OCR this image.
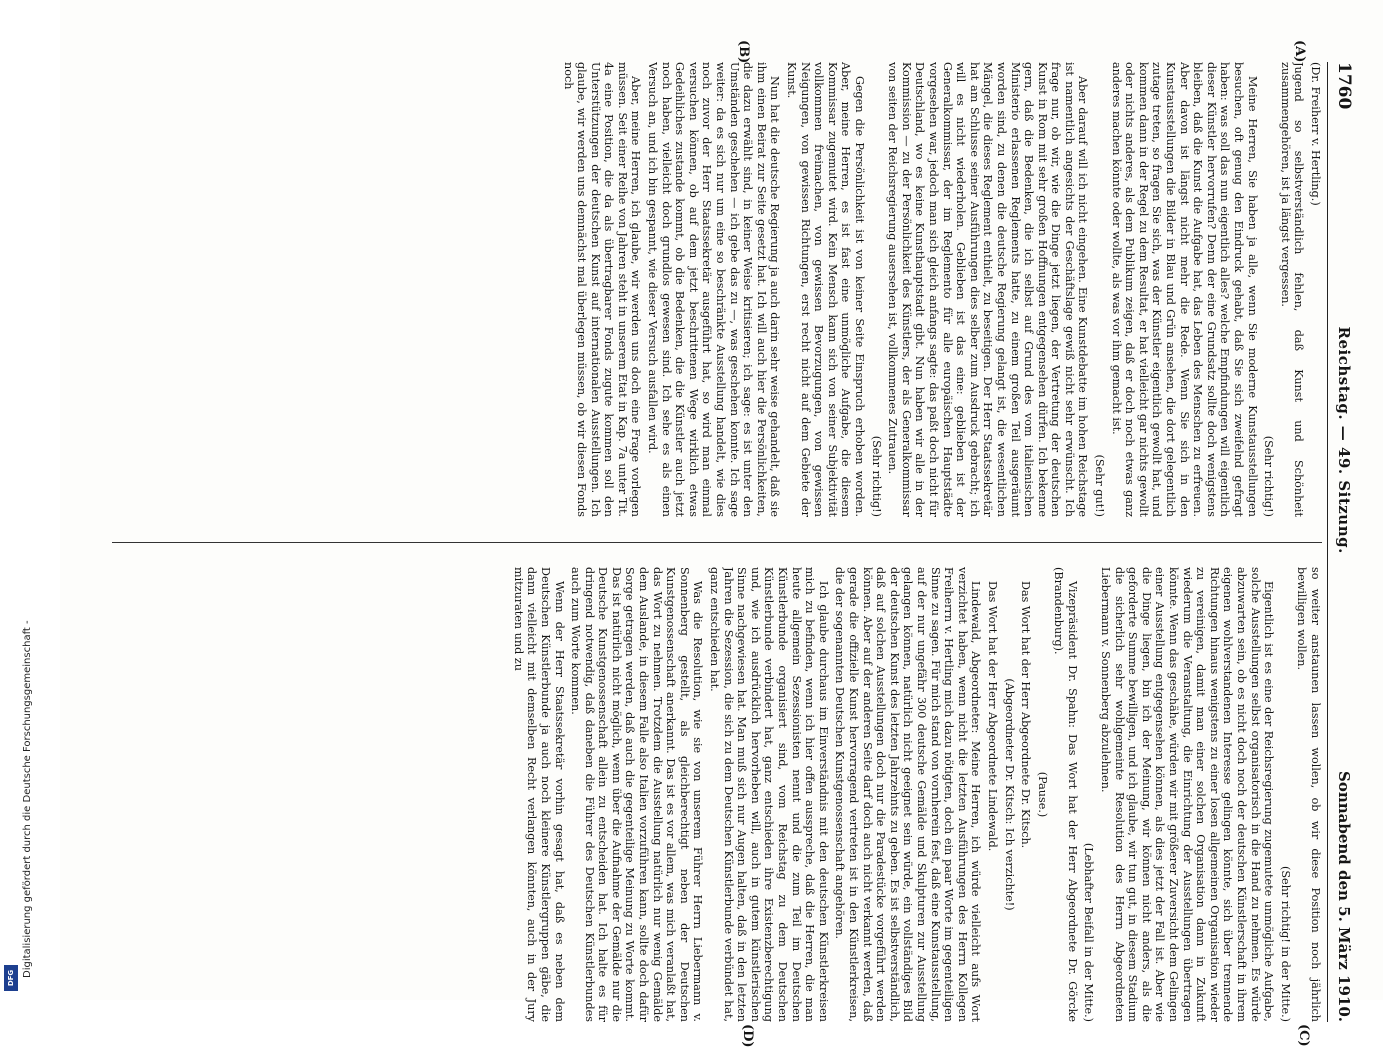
DFG Digitalisierung gefördert durch die Deutsche Forschungsgemeinschaft -
1760
Reichstag. — 49. Sitzung.
Sonnabend den 5. März 1910.
(A)
(B)
(C)
(D)

(Dr. Freiherr v. Hertling.)

Jugend so selbstverständlich fehlen, daß Kunst und Schönheit zusammengehören, ist ja längst vergessen.

(Sehr richtig!)

Meine Herren, Sie haben ja alle, wenn Sie moderne Kunstausstellungen besuchen, oft genug den Eindruck gehabt, daß Sie sich zweifelnd gefragt haben: was soll das nun eigentlich alles? welche Empfindungen will eigentlich dieser Künstler hervorrufen? Denn der eine Grundsatz sollte doch wenigstens bleiben, daß die Kunst die Aufgabe hat, das Leben des Menschen zu erfreuen. Aber davon ist längst nicht mehr die Rede. Wenn Sie sich in den Kunstausstellungen die Bilder in Blau und Grün ansehen, die dort gelegentlich zutage treten, so fragen Sie sich, was der Künstler eigentlich gewollt hat, und kommen dann in der Regel zu dem Resultat, er hat vielleicht gar nichts gewollt oder nichts anderes, als dem Publikum zeigen, daß er doch noch etwas ganz anderes machen könnte oder wollte, als was vor ihm gemacht ist.

(Sehr gut!)

Aber darauf will ich nicht eingehen. Eine Kunstdebatte im hohen Reichstage ist namentlich angesichts der Geschäftslage gewiß nicht sehr erwünscht. Ich frage nur, ob wir, wie die Dinge jetzt liegen, der Vertretung der deutschen Kunst in Rom mit sehr großen Hoffnungen entgegensehen dürfen. Ich bekenne gern, daß die Bedenken, die ich selbst auf Grund des vom italienischen Ministerio erlassenen Reglements hatte, zu einem großen Teil ausgeräumt worden sind, zu denen die deutsche Regierung gelangt ist, die wesentlichen Mängel, die dieses Reglement enthielt, zu beseitigen. Der Herr Staatssekretär hat am Schlusse seiner Ausführungen dies selber zum Ausdruck gebracht; ich will es nicht wiederholen. Geblieben ist das eine: geblieben ist der Generalkommissar, der im Reglemento für alle europäischen Hauptstädte vorgesehen war, jedoch man sich gleich anfangs sagte: das paßt doch nicht für Deutschland, wo es keine Kunsthauptstadt gibt. Nun haben wir alle in der Kommission — zu der Persönlichkeit des Künstlers, der als Generalkommissar von seiten der Reichsregierung ausersehen ist, vollkommenes Zutrauen.

(Sehr richtig!)

Gegen die Persönlichkeit ist von keiner Seite Einspruch erhoben worden. Aber, meine Herren, es ist fast eine unmögliche Aufgabe, die diesem Kommissar zugemutet wird. Kein Mensch kann sich von seiner Subjektivität vollkommen freimachen, von gewissen Bevorzugungen, von gewissen Neigungen, von gewissen Richtungen, erst recht nicht auf dem Gebiete der Kunst.

Nun hat die deutsche Regierung ja auch darin sehr weise gehandelt, daß sie ihm einen Beirat zur Seite gesetzt hat. Ich will auch hier die Persönlichkeiten, die dazu erwählt sind, in keiner Weise kritisieren; ich sage: es ist unter den Umständen geschehen — ich gebe das zu —, was geschehen konnte. Ich sage weiter: da es sich nur um eine so beschränkte Ausstellung handelt, wie dies noch zuvor der Herr Staatssekretär ausgeführt hat, so wird man einmal versuchen können, ob auf dem jetzt beschrittenen Wege wirklich etwas Gedeihliches zustande kommt, ob die Bedenken, die die Künstler auch jetzt noch haben, vielleicht doch grundlos gewesen sind. Ich sehe es als einen Versuch an, und ich bin gespannt, wie dieser Versuch ausfallen wird.

Aber, meine Herren, ich glaube, wir werden uns doch eine Frage vorlegen müssen. Seit einer Reihe von Jahren steht in unserem Etat in Kap. 7a unter Tit. 4a eine Position, die da als übertragbarer Fonds zugute kommen soll den Unterstützungen der deutschen Kunst auf internationalen Ausstellungen. Ich glaube, wir werden uns demnächst mal überlegen müssen, ob wir diesen Fonds noch

so weiter anstaunen lassen wollen, ob wir diese Position noch jährlich bewilligen wollen.

(Sehr richtig! in der Mitte.)

Eigentlich ist es eine der Reichsregierung zugemutete unmögliche Aufgabe, solche Ausstellungen selbst organisatorisch in die Hand zu nehmen. Es würde abzuwarten sein, ob es nicht doch noch der deutschen Künstlerschaft in ihrem eigenen wohlverstandenen Interesse gelingen könnte, sich über trennende Richtungen hinaus wenigstens zu einer losen allgemeinen Organisation wieder zu vereinigen, damit man einer solchen Organisation dann in Zukunft wiederum die Veranstaltung, die Einrichtung der Ausstellungen übertragen könnte. Wenn das geschähe, würden wir mit größerer Zuversicht dem Gelingen einer Ausstellung entgegensehen können, als dies jetzt der Fall ist. Aber wie die Dinge liegen, bin ich der Meinung, wir können nicht anders, als die geforderte Summe bewilligen, und ich glaube, wir tun gut, in diesem Stadium die sicherlich sehr wohlgemeinte Resolution des Herrn Abgeordneten Liebermann v. Sonnenberg abzulehnen.

(Lebhafter Beifall in der Mitte.)

Vizepräsident Dr. Spahn: Das Wort hat der Herr Abgeordnete Dr. Görcke (Brandenburg).

(Pause.)

Das Wort hat der Herr Abgeordnete Dr. Kitsch.

(Abgeordneter Dr. Kitsch: Ich verzichte!)

Das Wort hat der Herr Abgeordnete Lindewald.

Lindewald, Abgeordneter: Meine Herren, ich würde vielleicht aufs Wort verzichtet haben, wenn nicht die letzten Ausführungen des Herrn Kollegen Freiherrn v. Hertling mich dazu nötigten, doch ein paar Worte im gegenteiligen Sinne zu sagen. Für mich stand von vornherein fest, daß eine Kunstausstellung, auf der nur ungefähr 300 deutsche Gemälde und Skulpturen zur Ausstellung gelangen können, natürlich nicht geeignet sein würde, ein vollständiges Bild der deutschen Kunst des letzten Jahrzehnts zu geben. Es ist selbstverständlich, daß auf solchen Ausstellungen doch nur die Paradestücke vorgeführt werden können. Aber auf der anderen Seite darf doch auch nicht verkannt werden, daß gerade die offizielle Kunst hervorragend vertreten ist in den Künstlerkreisen, die der sogenannten Deutschen Kunstgenossenschaft angehören.

Ich glaube durchaus im Einverständnis mit den deutschen Künstlerkreisen mich zu befinden, wenn ich hier offen ausspreche, daß die Herren, die man heute allgemein Sezessionisten nennt und die zum Teil im Deutschen Künstlerbunde organisiert sind, vom Reichstag zu dem Deutschen Künstlerbunde verbindert hat, ganz entschieden ihre Existenzberechtigung und, wie ich ausdrücklich hervorheben will, auch in gutem künstlerischen Sinne nachgewiesen hat. Man muß sich nur Augen halten, daß in den letzten Jahren die Sezession, die sich zu dem Deutschen Künstlerbunde verbündet hat, ganz entschieden hat.

Was die Resolution, wie sie von unserem Führer Herrn Liebermann v. Sonnenberg gestellt, als gleichberechtigt neben der Deutschen Kunstgenossenschaft anerkannt. Das ist es vor allem, was mich veranlaßt hat, das Wort zu nehmen. Trotzdem die Ausstellung natürlich nur wenig Gemälde dem Auslande, in diesem Falle also Italien vorzuführen kann, sollte doch dafür Sorge getragen werden, daß auch die gegenteilige Meinung zu Worte kommt. Das ist natürlich nicht möglich, wenn über die Aufnahme der Gemälde nur die Deutsche Kunstgenossenschaft allein zu entscheiden hat. Ich halte es für dringend notwendig, daß daneben die Führer des Deutschen Künstlerbundes auch zum Worte kommen.

Wenn der Herr Staatssekretär vorhin gesagt hat, daß es neben dem Deutschen Künstlerbunde ja auch noch kleinere Künstlergruppen gäbe, die dann vielleicht mit demselben Recht verlangen könnten, auch in der Jury mitzuraten und zu
